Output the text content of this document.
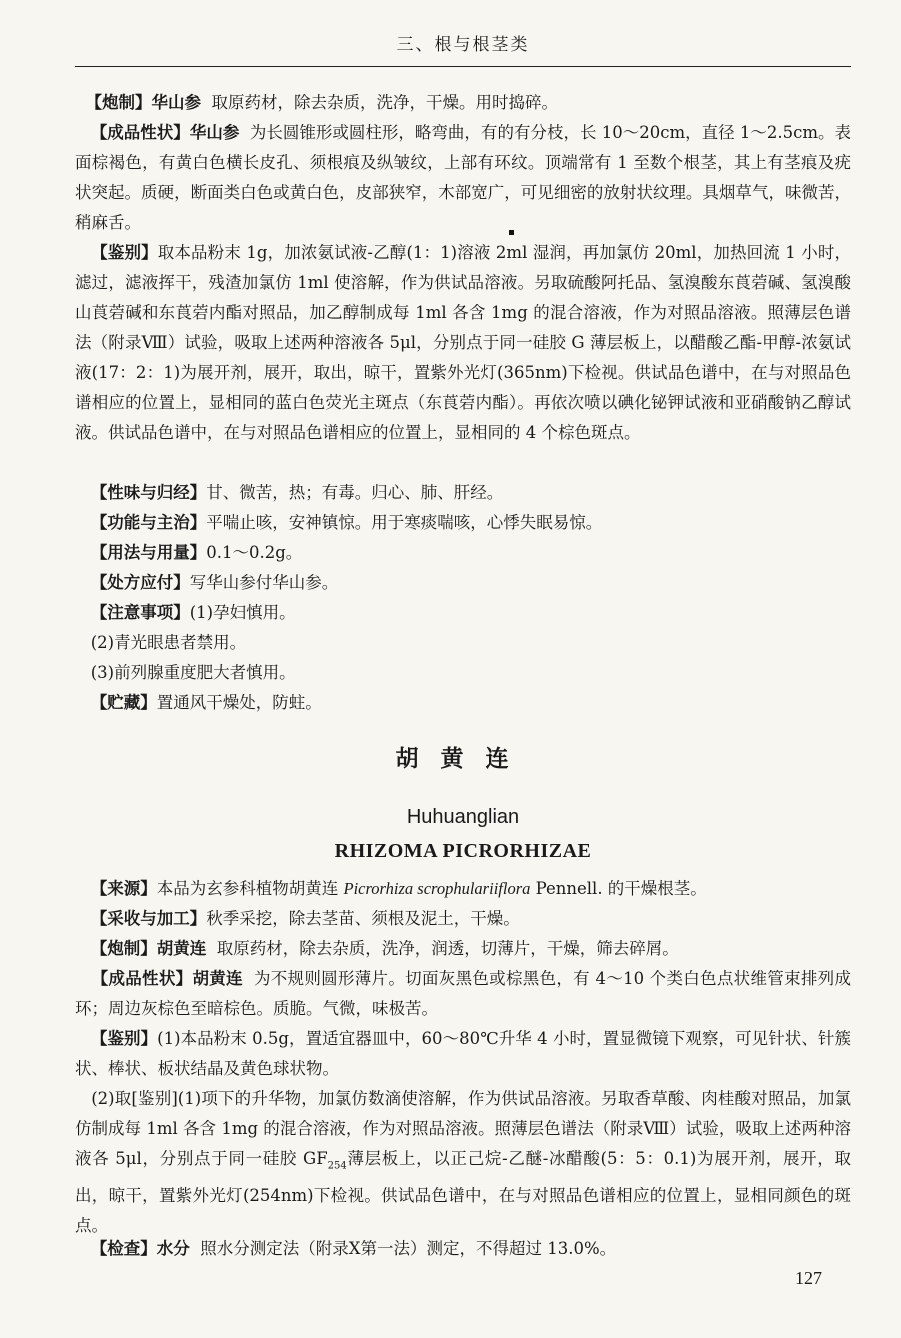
三、根与根茎类

【炮制】华山参 取原药材，除去杂质，洗净，干燥。用时捣碎。

【成品性状】华山参 为长圆锥形或圆柱形，略弯曲，有的有分枝，长 10～20cm，直径 1～2.5cm。表面棕褐色，有黄白色横长皮孔、须根痕及纵皱纹，上部有环纹。顶端常有 1 至数个根茎，其上有茎痕及疣状突起。质硬，断面类白色或黄白色，皮部狭窄，木部宽广，可见细密的放射状纹理。具烟草气，味微苦，稍麻舌。

【鉴别】取本品粉末 1g，加浓氨试液-乙醇(1：1)溶液 2ml 湿润，再加氯仿 20ml，加热回流 1 小时，滤过，滤液挥干，残渣加氯仿 1ml 使溶解，作为供试品溶液。另取硫酸阿托品、氢溴酸东莨菪碱、氢溴酸山莨菪碱和东莨菪内酯对照品，加乙醇制成每 1ml 各含 1mg 的混合溶液，作为对照品溶液。照薄层色谱法（附录Ⅷ）试验，吸取上述两种溶液各 5μl，分别点于同一硅胶 G 薄层板上，以醋酸乙酯-甲醇-浓氨试液(17：2：1)为展开剂，展开，取出，晾干，置紫外光灯(365nm)下检视。供试品色谱中，在与对照品色谱相应的位置上，显相同的蓝白色荧光主斑点（东莨菪内酯）。再依次喷以碘化铋钾试液和亚硝酸钠乙醇试液。供试品色谱中，在与对照品色谱相应的位置上，显相同的 4 个棕色斑点。

【性味与归经】甘、微苦，热；有毒。归心、肺、肝经。

【功能与主治】平喘止咳，安神镇惊。用于寒痰喘咳，心悸失眠易惊。

【用法与用量】0.1～0.2g。

【处方应付】写华山参付华山参。

【注意事项】(1)孕妇慎用。

(2)青光眼患者禁用。

(3)前列腺重度肥大者慎用。

【贮藏】置通风干燥处，防蛀。

胡黄连
Huhuanglian
RHIZOMA PICRORHIZAE

【来源】本品为玄参科植物胡黄连 Picrorhiza scrophulariiflora Pennell. 的干燥根茎。

【采收与加工】秋季采挖，除去茎苗、须根及泥土，干燥。

【炮制】胡黄连 取原药材，除去杂质，洗净，润透，切薄片，干燥，筛去碎屑。

【成品性状】胡黄连 为不规则圆形薄片。切面灰黑色或棕黑色，有 4～10 个类白色点状维管束排列成环；周边灰棕色至暗棕色。质脆。气微，味极苦。

【鉴别】(1)本品粉末 0.5g，置适宜器皿中，60～80℃升华 4 小时，置显微镜下观察，可见针状、针簇状、棒状、板状结晶及黄色球状物。

(2)取[鉴别](1)项下的升华物，加氯仿数滴使溶解，作为供试品溶液。另取香草酸、肉桂酸对照品，加氯仿制成每 1ml 各含 1mg 的混合溶液，作为对照品溶液。照薄层色谱法（附录Ⅷ）试验，吸取上述两种溶液各 5μl，分别点于同一硅胶 $GF_{254}$薄层板上，以正己烷-乙醚-冰醋酸(5：5：0.1)为展开剂，展开，取出，晾干，置紫外光灯(254nm)下检视。供试品色谱中，在与对照品色谱相应的位置上，显相同颜色的斑点。

【检查】水分 照水分测定法（附录Ⅹ第一法）测定，不得超过 13.0%。

127
